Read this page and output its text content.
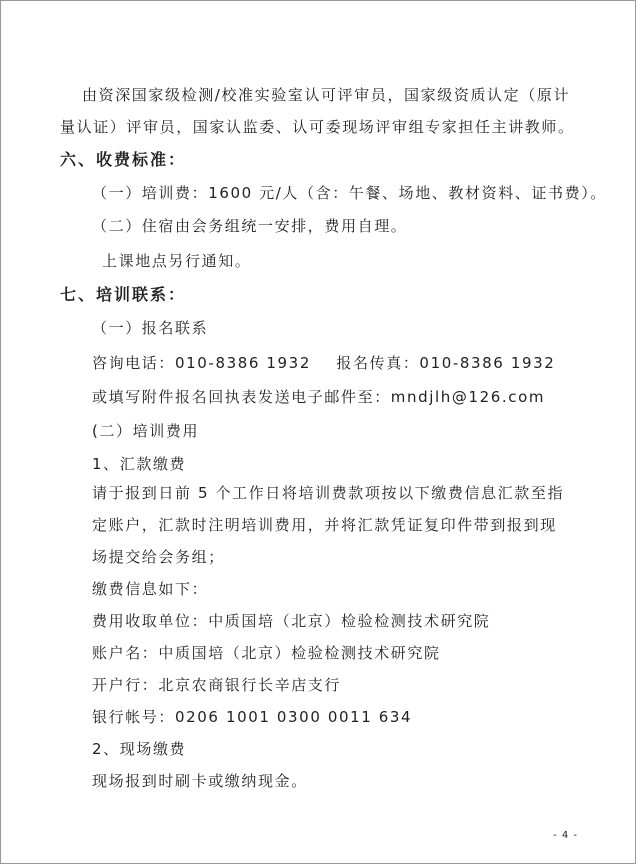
由资深国家级检测/校准实验室认可评审员，国家级资质认定（原计
量认证）评审员，国家认监委、认可委现场评审组专家担任主讲教师。
六、收费标准：
（一）培训费：1600 元/人（含：午餐、场地、教材资料、证书费）。
（二）住宿由会务组统一安排，费用自理。
上课地点另行通知。
七、培训联系：
（一）报名联系
咨询电话：010-8386 1932    报名传真：010-8386 1932
或填写附件报名回执表发送电子邮件至：mndjlh@126.com
(二）培训费用
1、汇款缴费
请于报到日前 5 个工作日将培训费款项按以下缴费信息汇款至指
定账户，汇款时注明培训费用，并将汇款凭证复印件带到报到现
场提交给会务组；
缴费信息如下：
费用收取单位：中质国培（北京）检验检测技术研究院
账户名：中质国培（北京）检验检测技术研究院
开户行：北京农商银行长辛店支行
银行帐号：0206 1001 0300 0011 634
2、现场缴费
现场报到时刷卡或缴纳现金。
- 4 -
